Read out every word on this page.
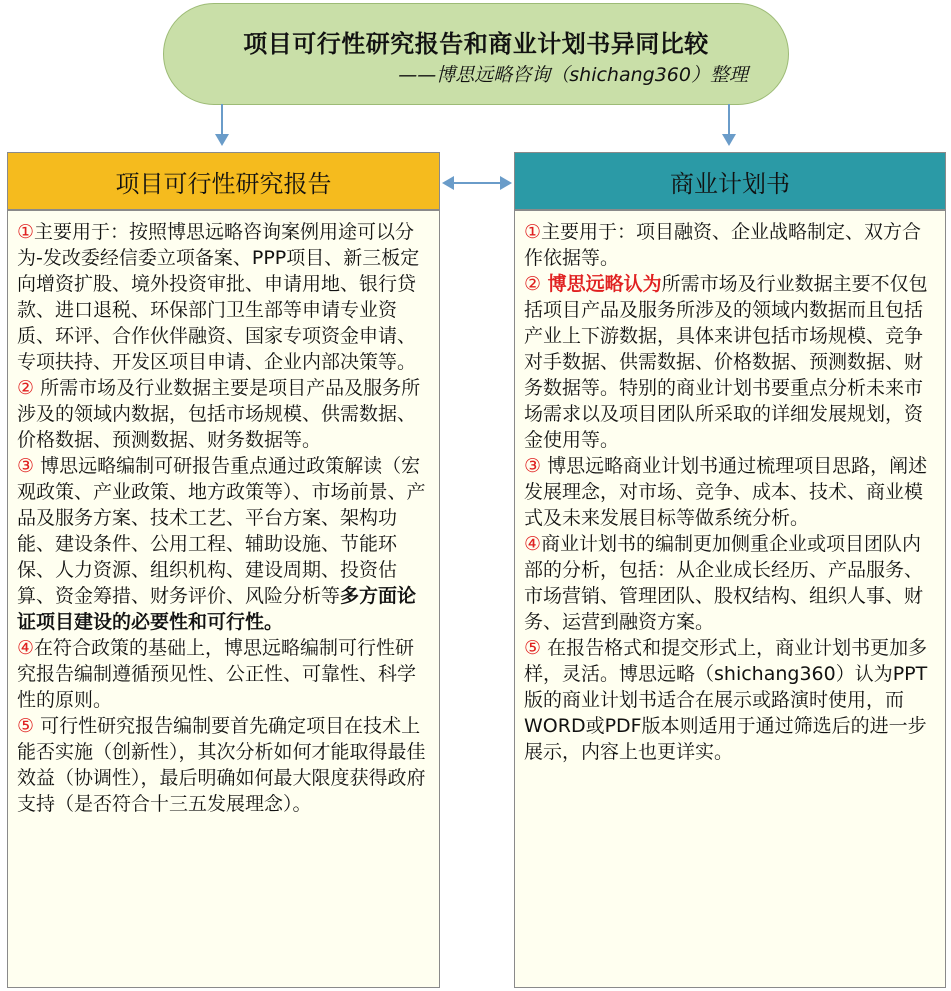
项目可行性研究报告和商业计划书异同比较
——博思远略咨询（shichang360）整理
项目可行性研究报告	商业计划书
①主要用于：按照博思远略咨询案例用途可以分为-发改委经信委立项备案、PPP项目、新三板定向增资扩股、境外投资审批、申请用地、银行贷款、进口退税、环保部门卫生部等申请专业资质、环评、合作伙伴融资、国家专项资金申请、专项扶持、开发区项目申请、企业内部决策等。
② 所需市场及行业数据主要是项目产品及服务所涉及的领域内数据，包括市场规模、供需数据、价格数据、预测数据、财务数据等。
③ 博思远略编制可研报告重点通过政策解读（宏观政策、产业政策、地方政策等）、市场前景、产品及服务方案、技术工艺、平台方案、架构功能、建设条件、公用工程、辅助设施、节能环保、人力资源、组织机构、建设周期、投资估算、资金筹措、财务评价、风险分析等多方面论证项目建设的必要性和可行性。
④在符合政策的基础上，博思远略编制可行性研究报告编制遵循预见性、公正性、可靠性、科学性的原则。
⑤ 可行性研究报告编制要首先确定项目在技术上能否实施（创新性），其次分析如何才能取得最佳效益（协调性），最后明确如何最大限度获得政府支持（是否符合十三五发展理念）。
①主要用于：项目融资、企业战略制定、双方合作依据等。
② 博思远略认为所需市场及行业数据主要不仅包括项目产品及服务所涉及的领域内数据而且包括产业上下游数据，具体来讲包括市场规模、竞争对手数据、供需数据、价格数据、预测数据、财务数据等。特别的商业计划书要重点分析未来市场需求以及项目团队所采取的详细发展规划，资金使用等。
③ 博思远略商业计划书通过梳理项目思路，阐述发展理念，对市场、竞争、成本、技术、商业模式及未来发展目标等做系统分析。
④商业计划书的编制更加侧重企业或项目团队内部的分析，包括：从企业成长经历、产品服务、市场营销、管理团队、股权结构、组织人事、财务、运营到融资方案。
⑤ 在报告格式和提交形式上，商业计划书更加多样，灵活。博思远略（shichang360）认为PPT版的商业计划书适合在展示或路演时使用，而WORD或PDF版本则适用于通过筛选后的进一步展示，内容上也更详实。
